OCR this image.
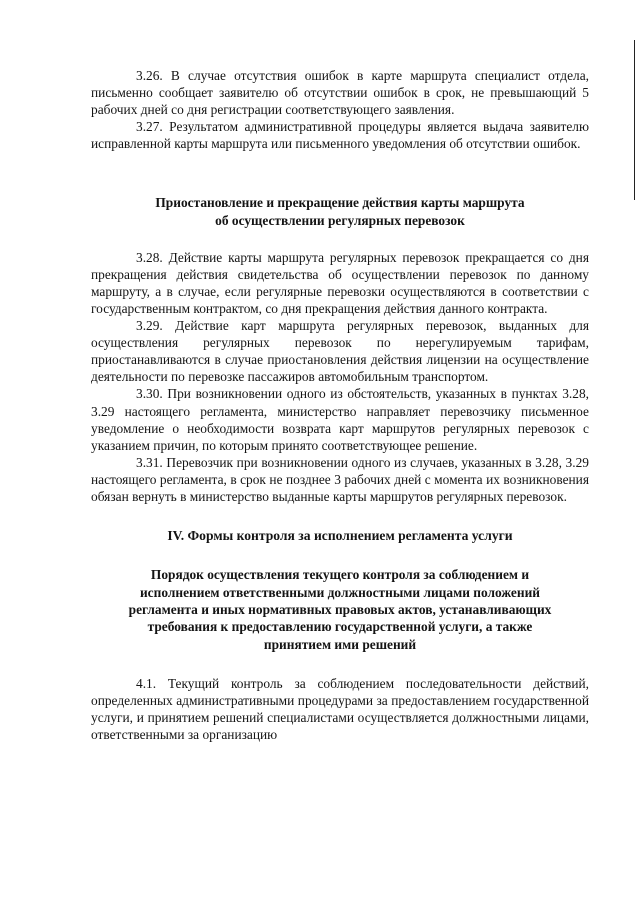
3.26. В случае отсутствия ошибок в карте маршрута специалист отдела, письменно сообщает заявителю об отсутствии ошибок в срок, не превышающий 5 рабочих дней со дня регистрации соответствующего заявления.

3.27. Результатом административной процедуры является выдача заявителю исправленной карты маршрута или письменного уведомления об отсутствии ошибок.

Приостановление и прекращение действия карты маршрута

об осуществлении регулярных перевозок

3.28. Действие карты маршрута регулярных перевозок прекращается со дня прекращения действия свидетельства об осуществлении перевозок по данному маршруту, а в случае, если регулярные перевозки осуществляются в соответствии с государственным контрактом, со дня прекращения действия данного контракта.

3.29. Действие карт маршрута регулярных перевозок, выданных для осуществления регулярных перевозок по нерегулируемым тарифам, приостанавливаются в случае приостановления действия лицензии на осуществление деятельности по перевозке пассажиров автомобильным транспортом.

3.30. При возникновении одного из обстоятельств, указанных в пунктах 3.28, 3.29 настоящего регламента, министерство направляет перевозчику письменное уведомление о необходимости возврата карт маршрутов регулярных перевозок с указанием причин, по которым принято соответствующее решение.

3.31. Перевозчик при возникновении одного из случаев, указанных в 3.28, 3.29 настоящего регламента, в срок не позднее 3 рабочих дней с момента их возникновения обязан вернуть в министерство выданные карты маршрутов регулярных перевозок.

IV. Формы контроля за исполнением регламента услуги

Порядок осуществления текущего контроля за соблюдением и

исполнением ответственными должностными лицами положений

регламента и иных нормативных правовых актов, устанавливающих

требования к предоставлению государственной услуги, а также

принятием ими решений

4.1. Текущий контроль за соблюдением последовательности действий, определенных административными процедурами за предоставлением государственной услуги, и принятием решений специалистами осуществляется должностными лицами, ответственными за организацию
